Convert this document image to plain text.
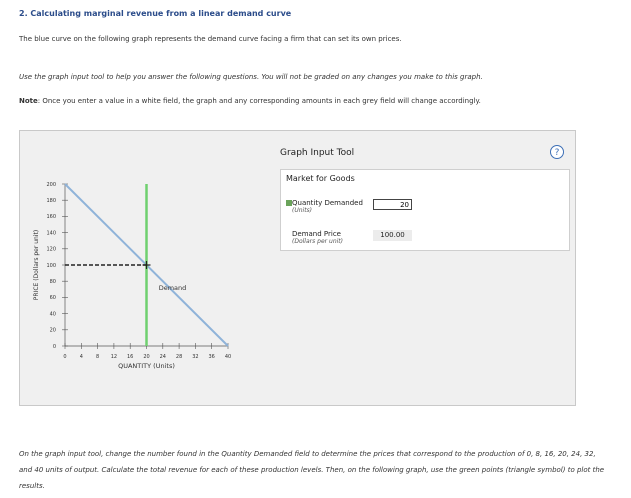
2. Calculating marginal revenue from a linear demand curve
The blue curve on the following graph represents the demand curve facing a firm that can set its own prices.
Use the graph input tool to help you answer the following questions. You will not be graded on any changes you make to this graph.
Note: Once you enter a value in a white field, the graph and any corresponding amounts in each grey field will change accordingly.
0
20
40
60
80
100
120
140
160
180
200
0	4	8 12 16 20 24 28 32 36 40
QUANTITY (Units)
PRICE (Dollars per unit)	Demand
Graph Input Tool	?
Market for Goods
Quantity Demanded
(Units)
20
Demand Price
(Dollars per unit)
100.00
On the graph input tool, change the number found in the Quantity Demanded field to determine the prices that correspond to the production of 0, 8, 16, 20, 24, 32, and 40 units of output. Calculate the total revenue for each of these production levels. Then, on the following graph, use the green points (triangle symbol) to plot the results.
